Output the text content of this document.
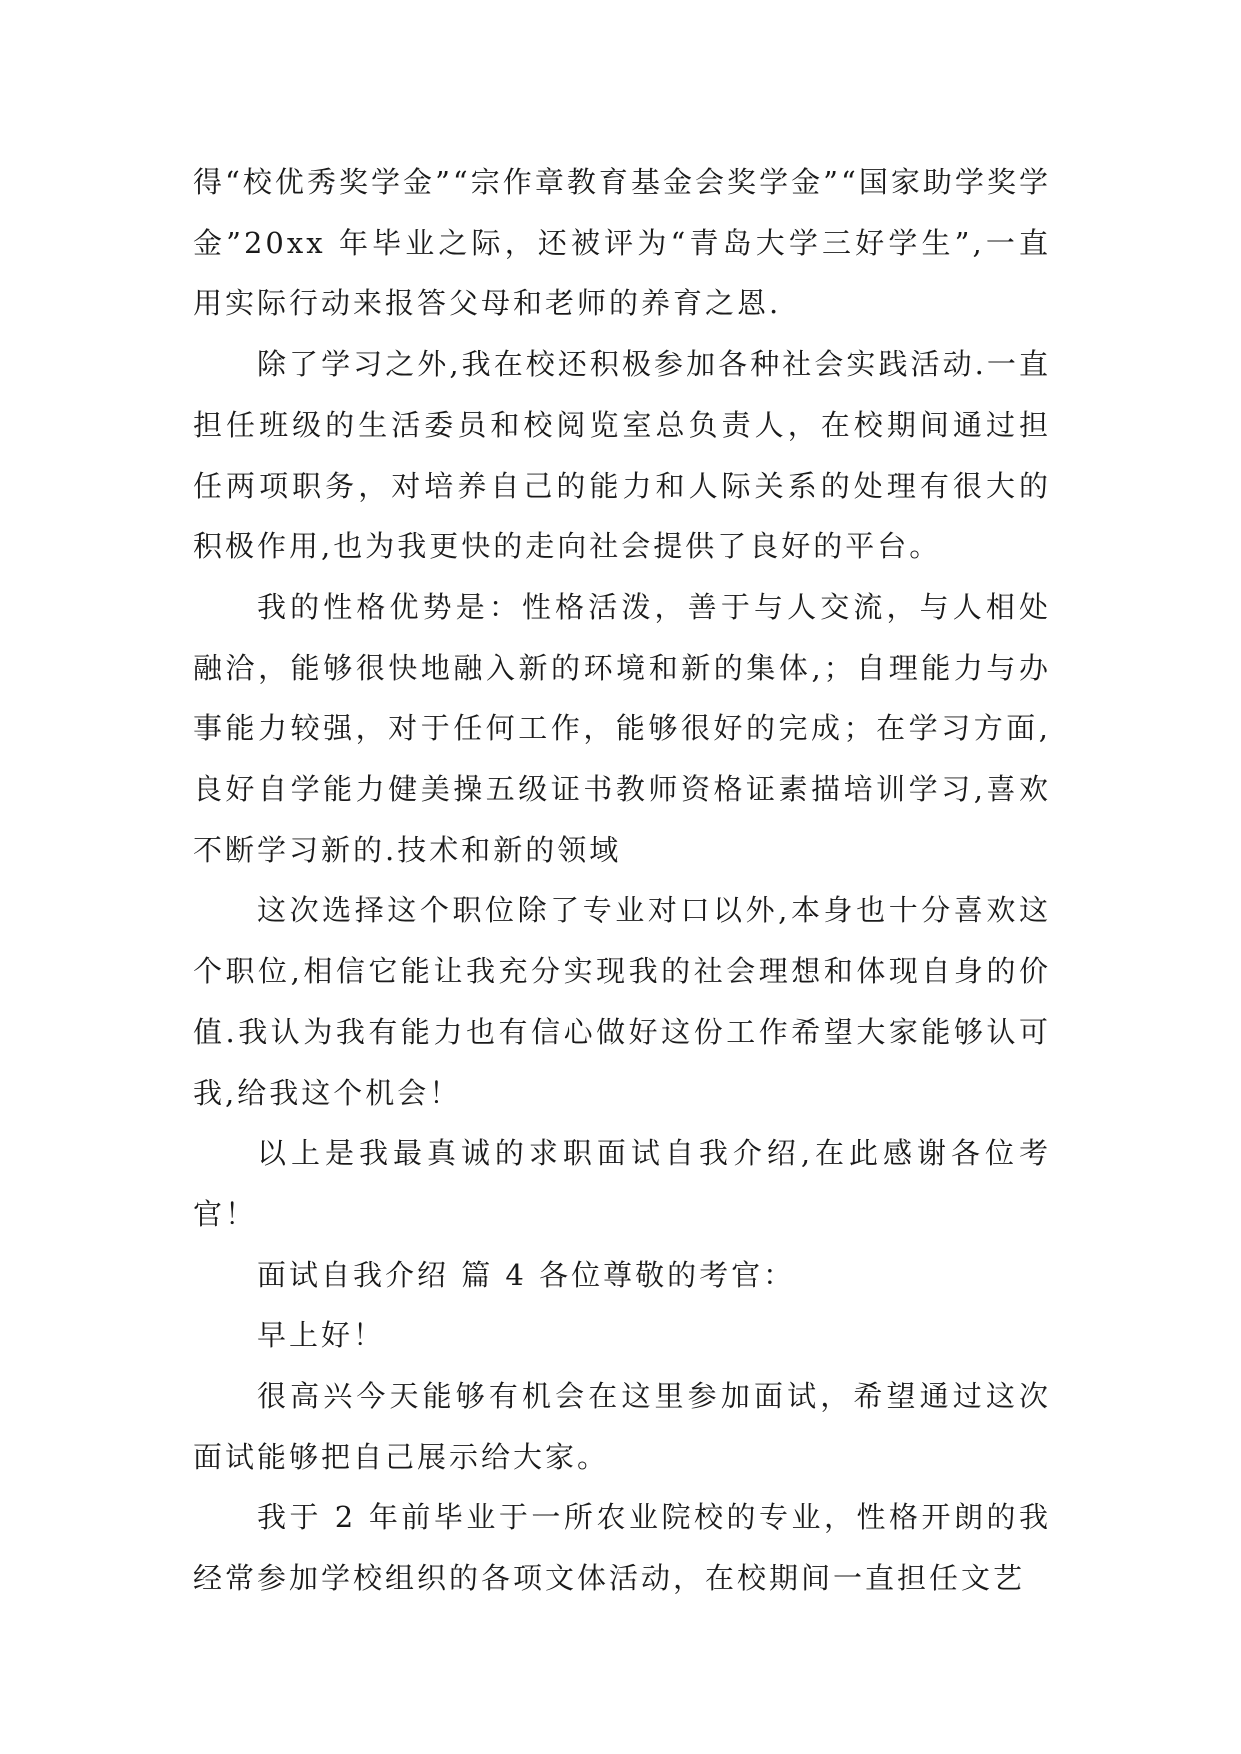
得“校优秀奖学金”“宗作章教育基金会奖学金”“国家助学奖学金”20xx 年毕业之际，还被评为“青岛大学三好学生”,一直用实际行动来报答父母和老师的养育之恩.

除了学习之外,我在校还积极参加各种社会实践活动.一直担任班级的生活委员和校阅览室总负责人，在校期间通过担任两项职务，对培养自己的能力和人际关系的处理有很大的积极作用,也为我更快的走向社会提供了良好的平台。

我的性格优势是：性格活泼，善于与人交流，与人相处融洽，能够很快地融入新的环境和新的集体,；自理能力与办事能力较强，对于任何工作，能够很好的完成；在学习方面,良好自学能力健美操五级证书教师资格证素描培训学习,喜欢不断学习新的.技术和新的领域

这次选择这个职位除了专业对口以外,本身也十分喜欢这个职位,相信它能让我充分实现我的社会理想和体现自身的价值.我认为我有能力也有信心做好这份工作希望大家能够认可我,给我这个机会！

以上是我最真诚的求职面试自我介绍,在此感谢各位考官！

面试自我介绍 篇 4 各位尊敬的考官：

早上好！

很高兴今天能够有机会在这里参加面试，希望通过这次面试能够把自己展示给大家。

我于 2 年前毕业于一所农业院校的专业，性格开朗的我经常参加学校组织的各项文体活动，在校期间一直担任文艺
